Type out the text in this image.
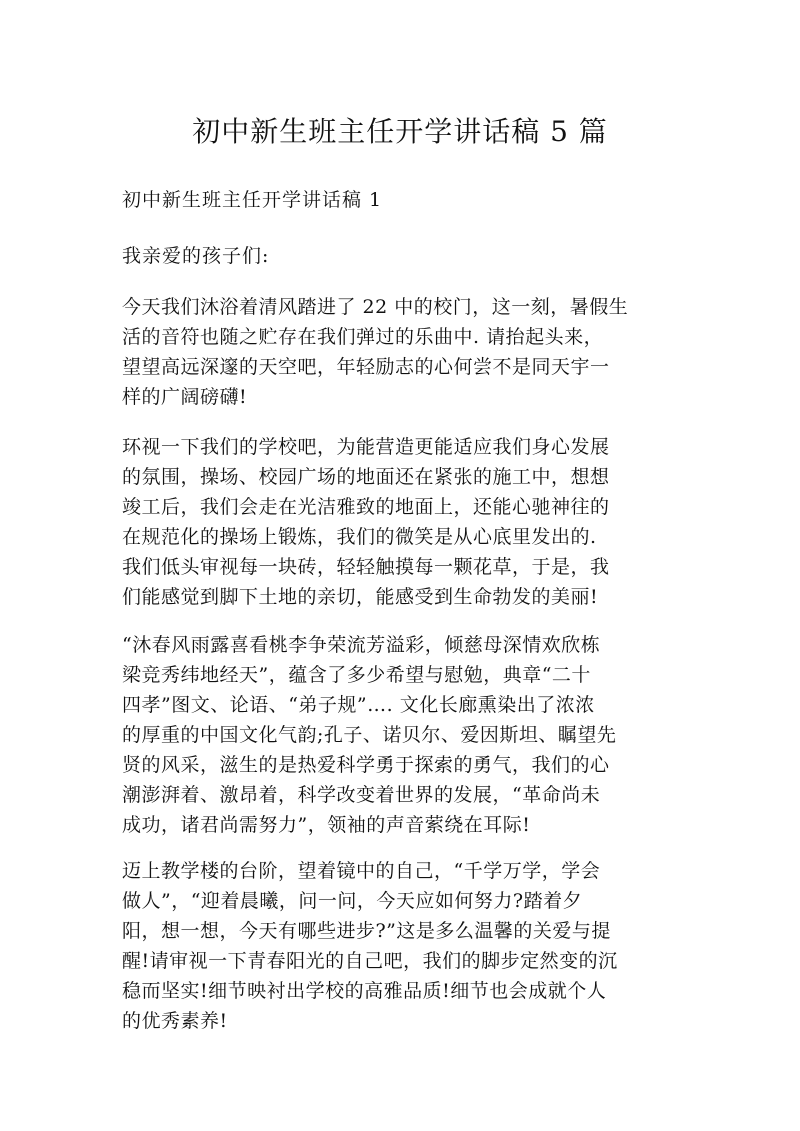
初中新生班主任开学讲话稿 5 篇

初中新生班主任开学讲话稿 1

我亲爱的孩子们:

今天我们沐浴着清风踏进了 22 中的校门，这一刻，暑假生
活的音符也随之贮存在我们弹过的乐曲中. 请抬起头来，
望望高远深邃的天空吧，年轻励志的心何尝不是同天宇一
样的广阔磅礴!

环视一下我们的学校吧，为能营造更能适应我们身心发展
的氛围，操场、校园广场的地面还在紧张的施工中，想想
竣工后，我们会走在光洁雅致的地面上，还能心驰神往的
在规范化的操场上锻炼，我们的微笑是从心底里发出的.
我们低头审视每一块砖，轻轻触摸每一颗花草，于是，我
们能感觉到脚下土地的亲切，能感受到生命勃发的美丽!

“沐春风雨露喜看桃李争荣流芳溢彩，倾慈母深情欢欣栋
梁竞秀纬地经天”，蕴含了多少希望与慰勉，典章“二十
四孝”图文、论语、“弟子规”…. 文化长廊熏染出了浓浓
的厚重的中国文化气韵;孔子、诺贝尔、爱因斯坦、瞩望先
贤的风采，滋生的是热爱科学勇于探索的勇气，我们的心
潮澎湃着、激昂着，科学改变着世界的发展，“革命尚未
成功，诸君尚需努力”，领袖的声音萦绕在耳际!

迈上教学楼的台阶，望着镜中的自己，“千学万学，学会
做人”，“迎着晨曦，问一问，今天应如何努力?踏着夕
阳，想一想，今天有哪些进步?”这是多么温馨的关爱与提
醒!请审视一下青春阳光的自己吧，我们的脚步定然变的沉
稳而坚实!细节映衬出学校的高雅品质!细节也会成就个人
的优秀素养!
